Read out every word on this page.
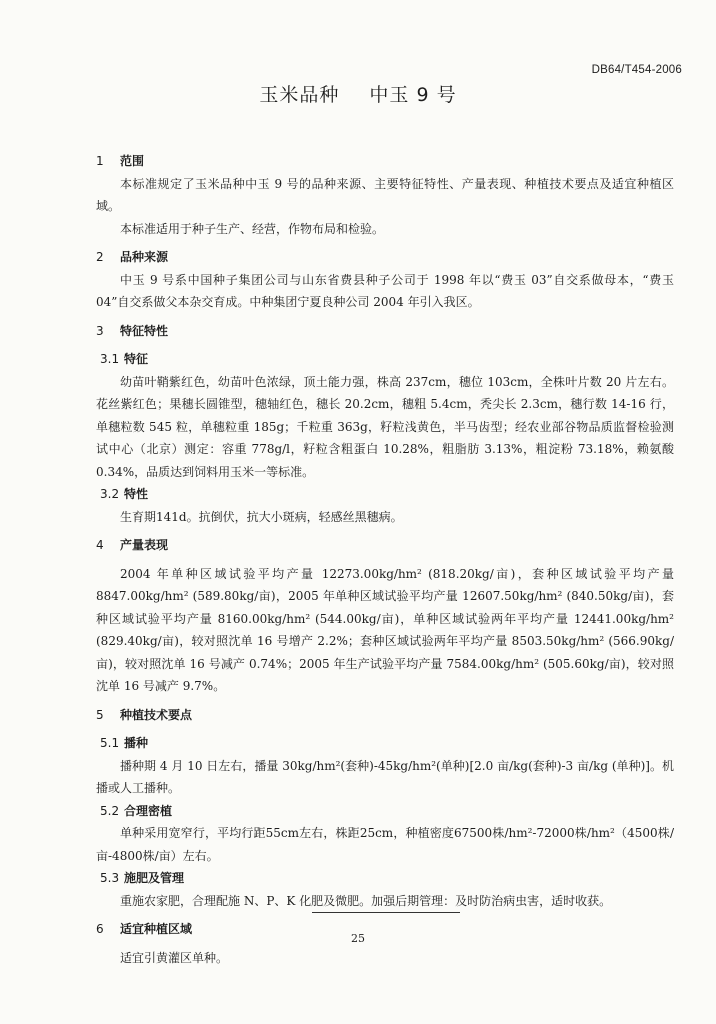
DB64/T454-2006
玉米品种 中玉 9 号
1 范围

本标准规定了玉米品种中玉 9 号的品种来源、主要特征特性、产量表现、种植技术要点及适宜种植区域。

本标准适用于种子生产、经营，作物布局和检验。

2 品种来源

中玉 9 号系中国种子集团公司与山东省费县种子公司于 1998 年以“费玉 03”自交系做母本，“费玉 04”自交系做父本杂交育成。中种集团宁夏良种公司 2004 年引入我区。

3 特征特性
3.1 特征

幼苗叶鞘紫红色，幼苗叶色浓绿，顶土能力强，株高 237cm，穗位 103cm，全株叶片数 20 片左右。花丝紫红色；果穗长圆锥型，穗轴红色，穗长 20.2cm，穗粗 5.4cm，秃尖长 2.3cm，穗行数 14-16 行，单穗粒数 545 粒，单穗粒重 185g；千粒重 363g，籽粒浅黄色，半马齿型；经农业部谷物品质监督检验测试中心（北京）测定：容重 778g/l，籽粒含粗蛋白 10.28%，粗脂肪 3.13%，粗淀粉 73.18%，赖氨酸 0.34%，品质达到饲料用玉米一等标准。

3.2 特性

生育期141d。抗倒伏，抗大小斑病，轻感丝黑穗病。

4 产量表现

2004 年单种区域试验平均产量 12273.00kg/hm² (818.20kg/亩)，套种区域试验平均产量 8847.00kg/hm² (589.80kg/亩)，2005 年单种区域试验平均产量 12607.50kg/hm² (840.50kg/亩)，套种区域试验平均产量 8160.00kg/hm² (544.00kg/亩)，单种区域试验两年平均产量 12441.00kg/hm² (829.40kg/亩)，较对照沈单 16 号增产 2.2%；套种区域试验两年平均产量 8503.50kg/hm² (566.90kg/亩)，较对照沈单 16 号减产 0.74%；2005 年生产试验平均产量 7584.00kg/hm² (505.60kg/亩)，较对照沈单 16 号减产 9.7%。

5 种植技术要点
5.1 播种

播种期 4 月 10 日左右，播量 30kg/hm²(套种)-45kg/hm²(单种)[2.0 亩/kg(套种)-3 亩/kg (单种)]。机播或人工播种。

5.2 合理密植

单种采用宽窄行，平均行距55cm左右，株距25cm，种植密度67500株/hm²-72000株/hm²（4500株/亩-4800株/亩）左右。

5.3 施肥及管理

重施农家肥，合理配施 N、P、K 化肥及微肥。加强后期管理：及时防治病虫害，适时收获。

6 适宜种植区域

适宜引黄灌区单种。

25
